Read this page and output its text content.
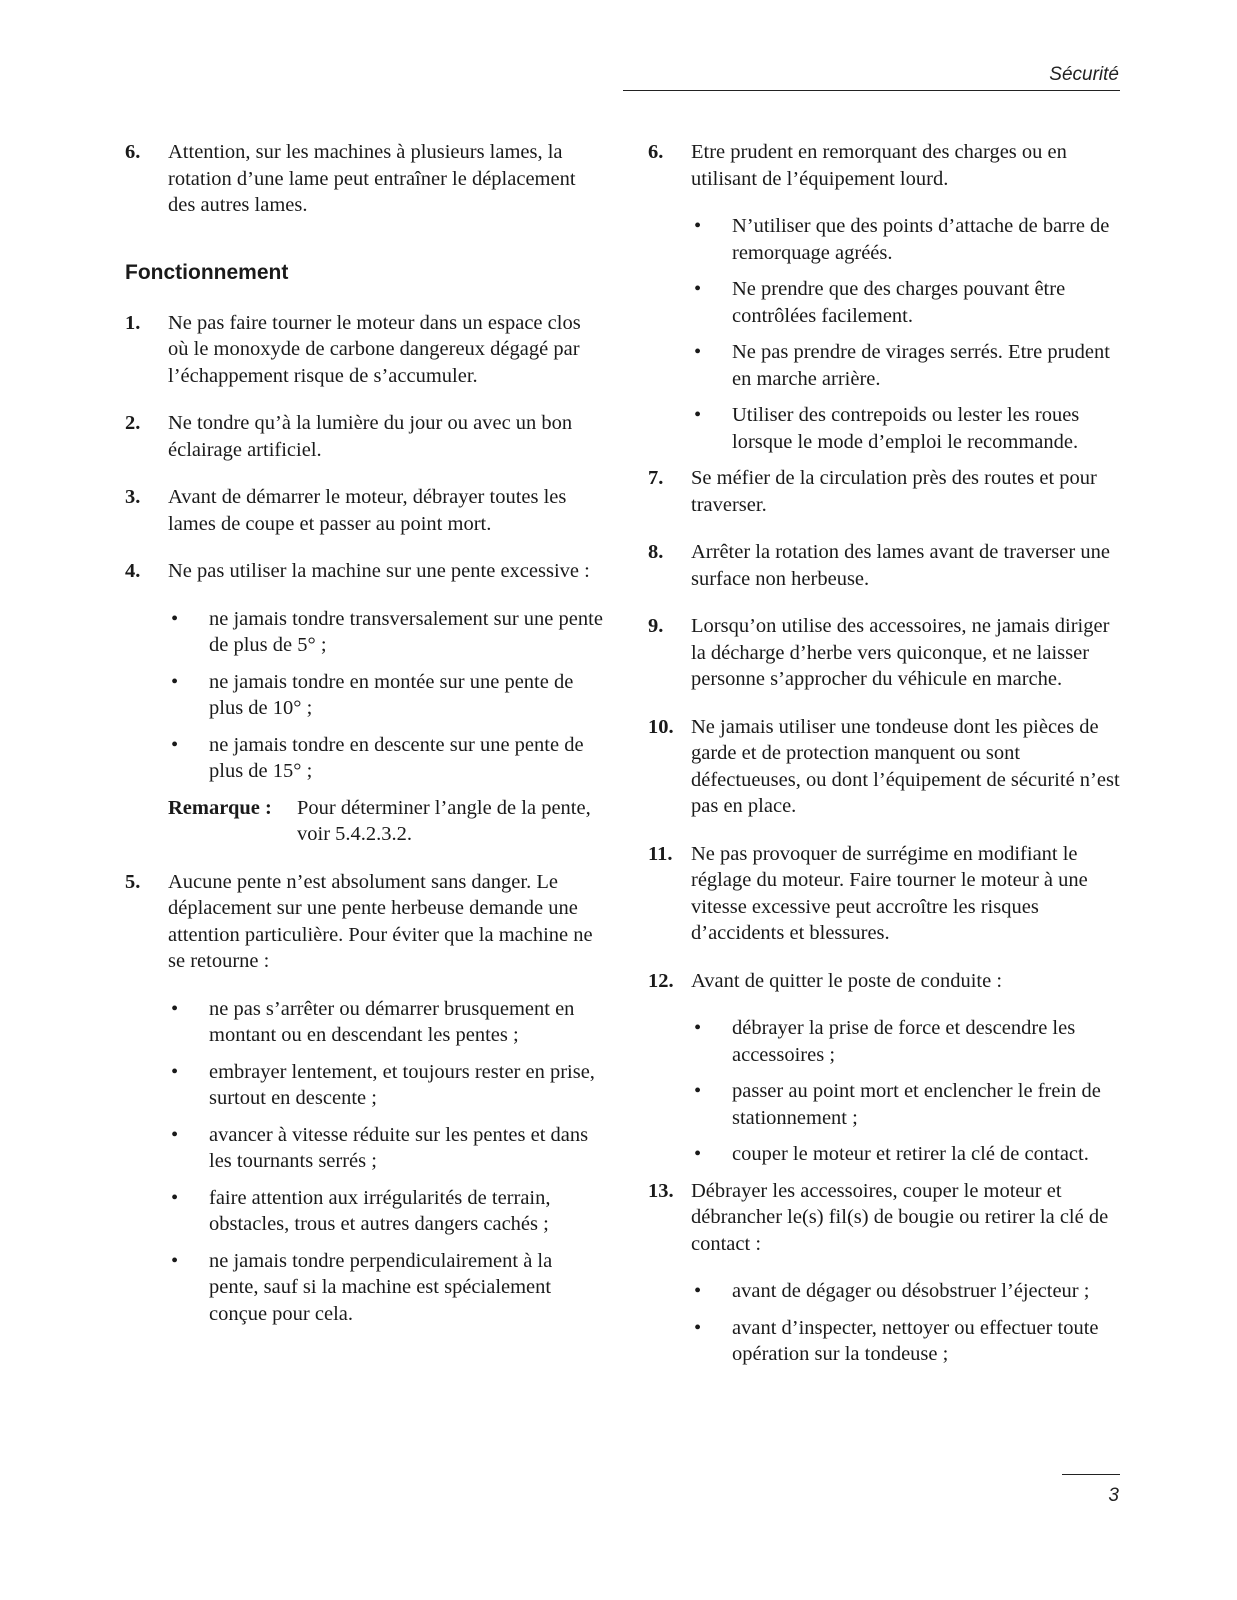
Sécurité
6. Attention, sur les machines à plusieurs lames, la rotation d’une lame peut entraîner le déplacement des autres lames.
Fonctionnement
1. Ne pas faire tourner le moteur dans un espace clos où le monoxyde de carbone dangereux dégagé par l’échappement risque de s’accumuler.
2. Ne tondre qu’à la lumière du jour ou avec un bon éclairage artificiel.
3. Avant de démarrer le moteur, débrayer toutes les lames de coupe et passer au point mort.
4. Ne pas utiliser la machine sur une pente excessive :
• ne jamais tondre transversalement sur une pente de plus de 5° ;
• ne jamais tondre en montée sur une pente de plus de 10° ;
• ne jamais tondre en descente sur une pente de plus de 15° ;
Remarque :	Pour déterminer l’angle de la pente, voir 5.4.2.3.2.
5. Aucune pente n’est absolument sans danger. Le déplacement sur une pente herbeuse demande une attention particulière. Pour éviter que la machine ne se retourne :
• ne pas s’arrêter ou démarrer brusquement en montant ou en descendant les pentes ;
• embrayer lentement, et toujours rester en prise, surtout en descente ;
• avancer à vitesse réduite sur les pentes et dans les tournants serrés ;
• faire attention aux irrégularités de terrain, obstacles, trous et autres dangers cachés ;
• ne jamais tondre perpendiculairement à la pente, sauf si la machine est spécialement conçue pour cela.
6. Etre prudent en remorquant des charges ou en utilisant de l’équipement lourd.
• N’utiliser que des points d’attache de barre de remorquage agréés.
• Ne prendre que des charges pouvant être contrôlées facilement.
• Ne pas prendre de virages serrés. Etre prudent en marche arrière.
• Utiliser des contrepoids ou lester les roues lorsque le mode d’emploi le recommande.
7. Se méfier de la circulation près des routes et pour traverser.
8. Arrêter la rotation des lames avant de traverser une surface non herbeuse.
9. Lorsqu’on utilise des accessoires, ne jamais diriger la décharge d’herbe vers quiconque, et ne laisser personne s’approcher du véhicule en marche.
10. Ne jamais utiliser une tondeuse dont les pièces de garde et de protection manquent ou sont défectueuses, ou dont l’équipement de sécurité n’est pas en place.
11. Ne pas provoquer de surrégime en modifiant le réglage du moteur. Faire tourner le moteur à une vitesse excessive peut accroître les risques d’accidents et blessures.
12. Avant de quitter le poste de conduite :
• débrayer la prise de force et descendre les accessoires ;
• passer au point mort et enclencher le frein de stationnement ;
• couper le moteur et retirer la clé de contact.
13. Débrayer les accessoires, couper le moteur et débrancher le(s) fil(s) de bougie ou retirer la clé de contact :
• avant de dégager ou désobstruer l’éjecteur ;
• avant d’inspecter, nettoyer ou effectuer toute opération sur la tondeuse ;
3
